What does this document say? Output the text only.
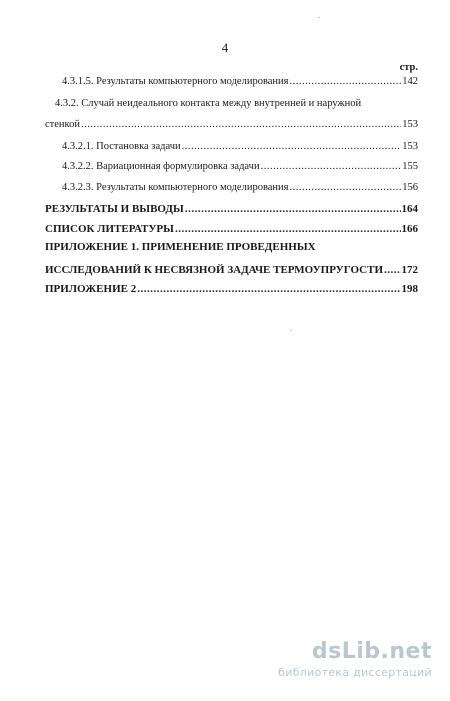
4
стр.
4.3.1.5. Результаты компьютерного моделирования .....	142
4.3.2. Случай неидеального контакта между внутренней и наружной
стенкой .....	153
4.3.2.1. Постановка задачи .....	153
4.3.2.2. Вариационная формулировка задачи .....	155
4.3.2.3. Результаты компьютерного моделирования .....	156
РЕЗУЛЬТАТЫ И ВЫВОДЫ .....	164
СПИСОК ЛИТЕРАТУРЫ .....	166
ПРИЛОЖЕНИЕ 1. ПРИМЕНЕНИЕ ПРОВЕДЕННЫХ
ИССЛЕДОВАНИЙ К НЕСВЯЗНОЙ ЗАДАЧЕ ТЕРМОУПРУГОСТИ ..... 172
ПРИЛОЖЕНИЕ 2 .....	198
dsLib.net
библиотека диссертаций
